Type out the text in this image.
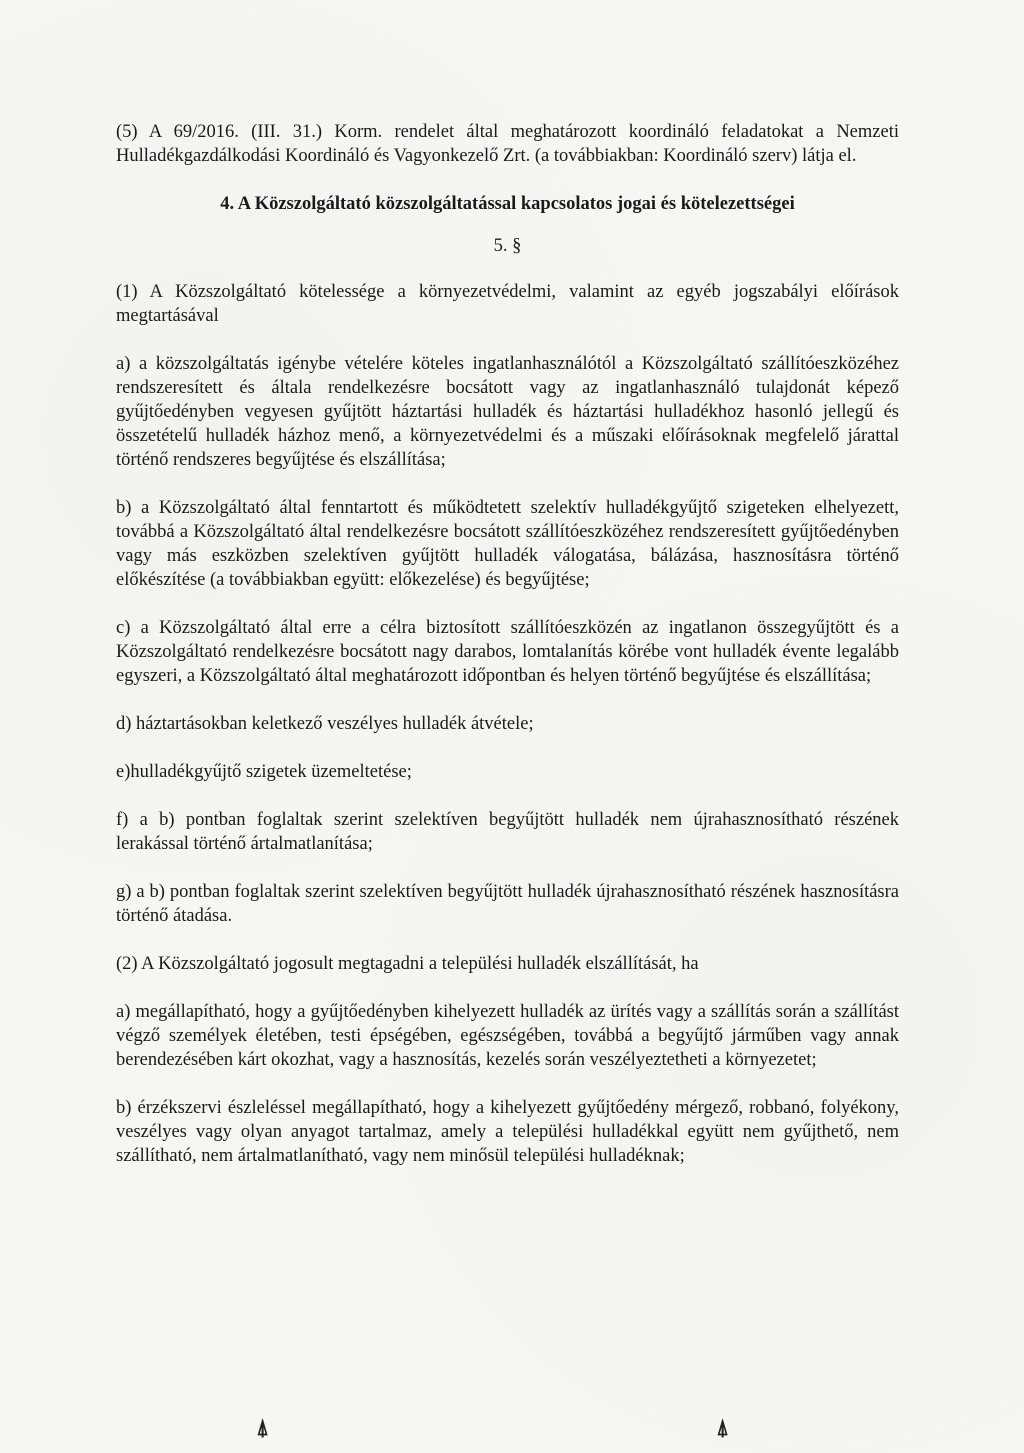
(5) A 69/2016. (III. 31.) Korm. rendelet által meghatározott koordináló feladatokat a Nemzeti Hulladékgazdálkodási Koordináló és Vagyonkezelő Zrt. (a továbbiakban: Koordináló szerv) látja el.

4. A Közszolgáltató közszolgáltatással kapcsolatos jogai és kötelezettségei

5. §

(1) A Közszolgáltató kötelessége a környezetvédelmi, valamint az egyéb jogszabályi előírások megtartásával

a) a közszolgáltatás igénybe vételére köteles ingatlanhasználótól a Közszolgáltató szállítóeszközéhez rendszeresített és általa rendelkezésre bocsátott vagy az ingatlanhasználó tulajdonát képező gyűjtőedényben vegyesen gyűjtött háztartási hulladék és háztartási hulladékhoz hasonló jellegű és összetételű hulladék házhoz menő, a környezetvédelmi és a műszaki előírásoknak megfelelő járattal történő rendszeres begyűjtése és elszállítása;

b) a Közszolgáltató által fenntartott és működtetett szelektív hulladékgyűjtő szigeteken elhelyezett, továbbá a Közszolgáltató által rendelkezésre bocsátott szállítóeszközéhez rendszeresített gyűjtőedényben vagy más eszközben szelektíven gyűjtött hulladék válogatása, bálázása, hasznosításra történő előkészítése (a továbbiakban együtt: előkezelése) és begyűjtése;

c) a Közszolgáltató által erre a célra biztosított szállítóeszközén az ingatlanon összegyűjtött és a Közszolgáltató rendelkezésre bocsátott nagy darabos, lomtalanítás körébe vont hulladék évente legalább egyszeri, a Közszolgáltató által meghatározott időpontban és helyen történő begyűjtése és elszállítása;

d) háztartásokban keletkező veszélyes hulladék átvétele;

e)hulladékgyűjtő szigetek üzemeltetése;

f) a b) pontban foglaltak szerint szelektíven begyűjtött hulladék nem újrahasznosítható részének lerakással történő ártalmatlanítása;

g) a b) pontban foglaltak szerint szelektíven begyűjtött hulladék újrahasznosítható részének hasznosításra történő átadása.

(2) A Közszolgáltató jogosult megtagadni a települési hulladék elszállítását, ha

a) megállapítható, hogy a gyűjtőedényben kihelyezett hulladék az ürítés vagy a szállítás során a szállítást végző személyek életében, testi épségében, egészségében, továbbá a begyűjtő járműben vagy annak berendezésében kárt okozhat, vagy a hasznosítás, kezelés során veszélyeztetheti a környezetet;

b) érzékszervi észleléssel megállapítható, hogy a kihelyezett gyűjtőedény mérgező, robbanó, folyékony, veszélyes vagy olyan anyagot tartalmaz, amely a települési hulladékkal együtt nem gyűjthető, nem szállítható, nem ártalmatlanítható, vagy nem minősül települési hulladéknak;

⍋	⍋
